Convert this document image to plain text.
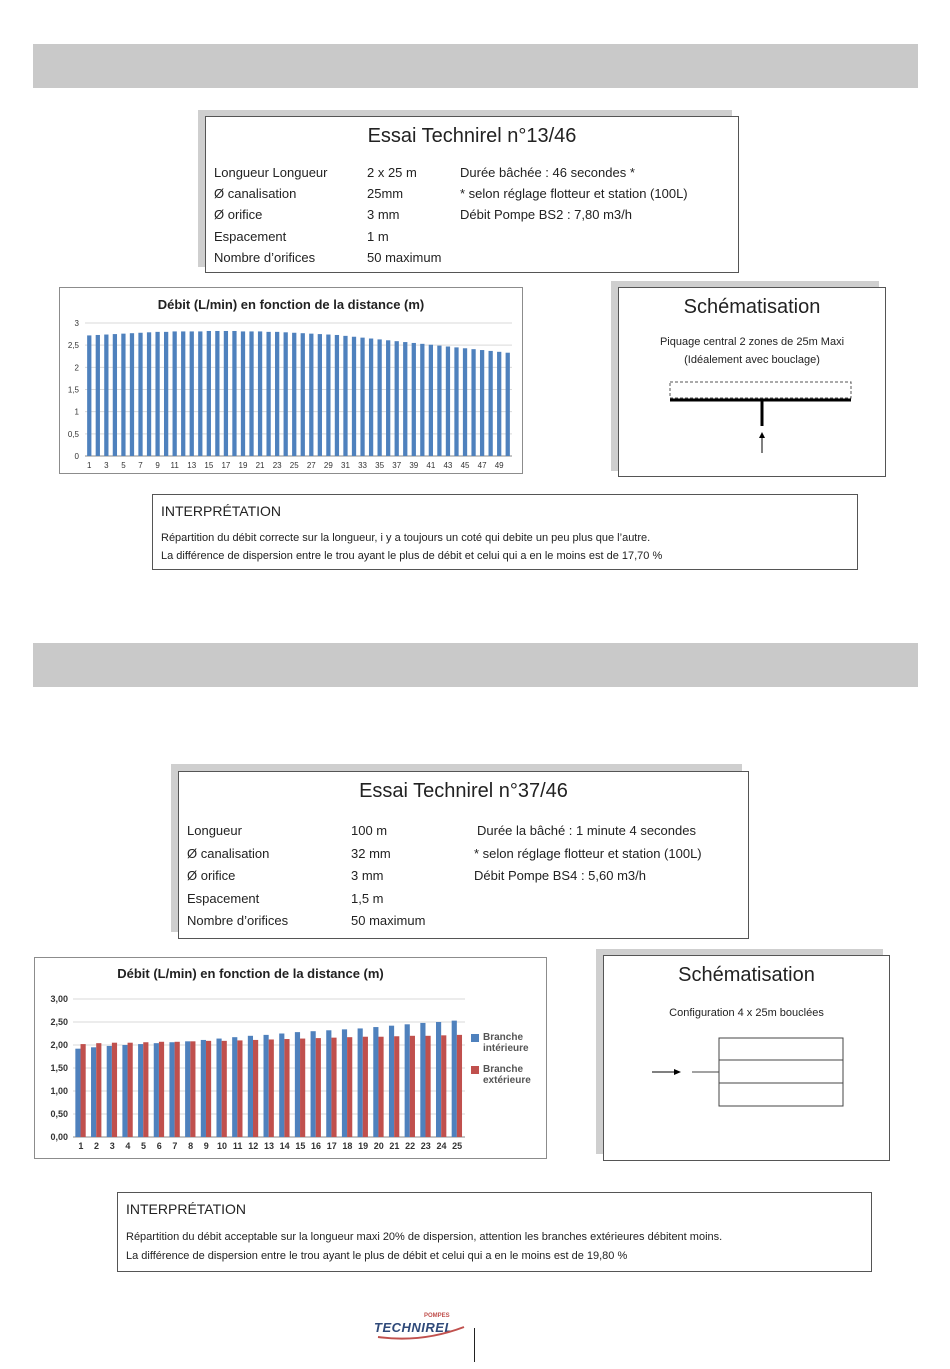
Essai Technirel n°13/46
Longueur Longueur	2 x 25 m	Durée bâchée : 46 secondes *
Ø canalisation	25mm	* selon réglage flotteur et station (100L)
Ø orifice	3 mm	Débit Pompe BS2 : 7,80 m3/h
Espacement	1 m
Nombre d’orifices	50 maximum
Débit (L/min) en fonction de la distance (m)
0
0,5
1
1,5
2
2,5
3
1 3 5 7 9 11 13 15 17 19 21 23 25 27 29 31 33 35 37 39 41 43 45 47 49
Schématisation
Piquage central 2 zones de 25m Maxi
(Idéalement avec bouclage)
INTERPRÉTATION
Répartition du débit correcte sur la longueur, i y a toujours un coté qui debite un peu plus que l’autre.
La différence de dispersion entre le trou ayant le plus de débit et celui qui a en le moins est de 17,70 %
Essai Technirel n°37/46
Longueur	100 m	Durée la bâché : 1 minute 4 secondes
Ø canalisation	32 mm	* selon réglage flotteur et station (100L)
Ø orifice	3 mm	Débit Pompe BS4 : 5,60 m3/h
Espacement	1,5 m
Nombre d’orifices	50 maximum
Débit (L/min) en fonction de la distance (m)
0,00
0,50
1,00
1,50
2,00
2,50
3,00
1 2 3 4 5 6 7 8 9 10 11 12 13 14 15 16 17 18 19 20 21 22 23 24 25
Branche intérieure
Branche extérieure
Schématisation
Configuration 4 x 25m bouclées
INTERPRÉTATION
Répartition du débit acceptable sur la longueur maxi 20% de dispersion, attention les branches extérieures débitent moins.
La différence de dispersion entre le trou ayant le plus de débit et celui qui a en le moins est de 19,80 %
POMPES
TECHNIREL
